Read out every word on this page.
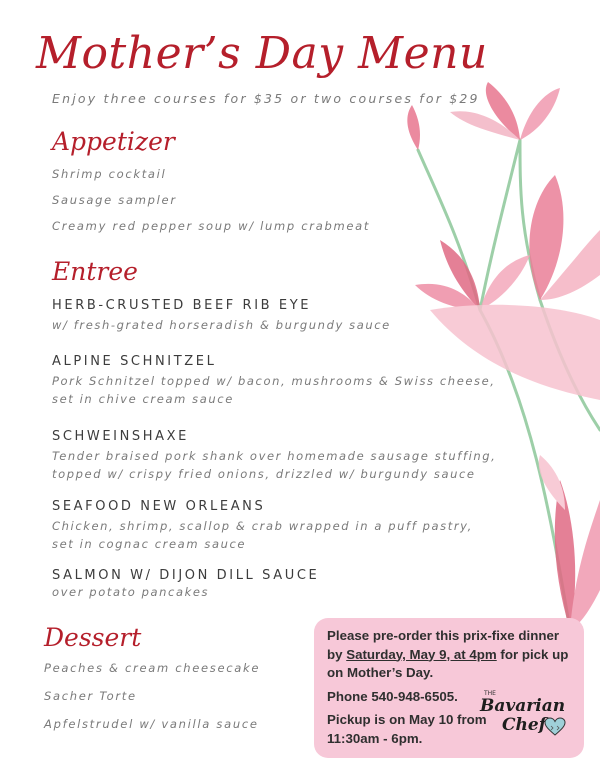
Mother’s Day Menu
Enjoy three courses for $35 or two courses for $29
Appetizer
Shrimp cocktail
Sausage sampler
Creamy red pepper soup w/ lump crabmeat
Entree
HERB-CRUSTED BEEF RIB EYE
w/ fresh-grated horseradish & burgundy sauce
ALPINE SCHNITZEL
Pork Schnitzel topped w/ bacon, mushrooms & Swiss cheese,
set in chive cream sauce
SCHWEINSHAXE
Tender braised pork shank over homemade sausage stuffing,
topped w/ crispy fried onions, drizzled w/ burgundy sauce
SEAFOOD NEW ORLEANS
Chicken, shrimp, scallop & crab wrapped in a puff pastry,
set in cognac cream sauce
SALMON W/ DIJON DILL SAUCE
over potato pancakes
Dessert
Peaches & cream cheesecake
Sacher Torte
Apfelstrudel w/ vanilla sauce

Please pre-order this prix-fixe dinner by Saturday, May 9, at 4pm for pick up on Mother’s Day.

Phone 540-948-6505.

Pickup is on May 10 from 11:30am - 6pm.

THE
Bavarian
Chef
